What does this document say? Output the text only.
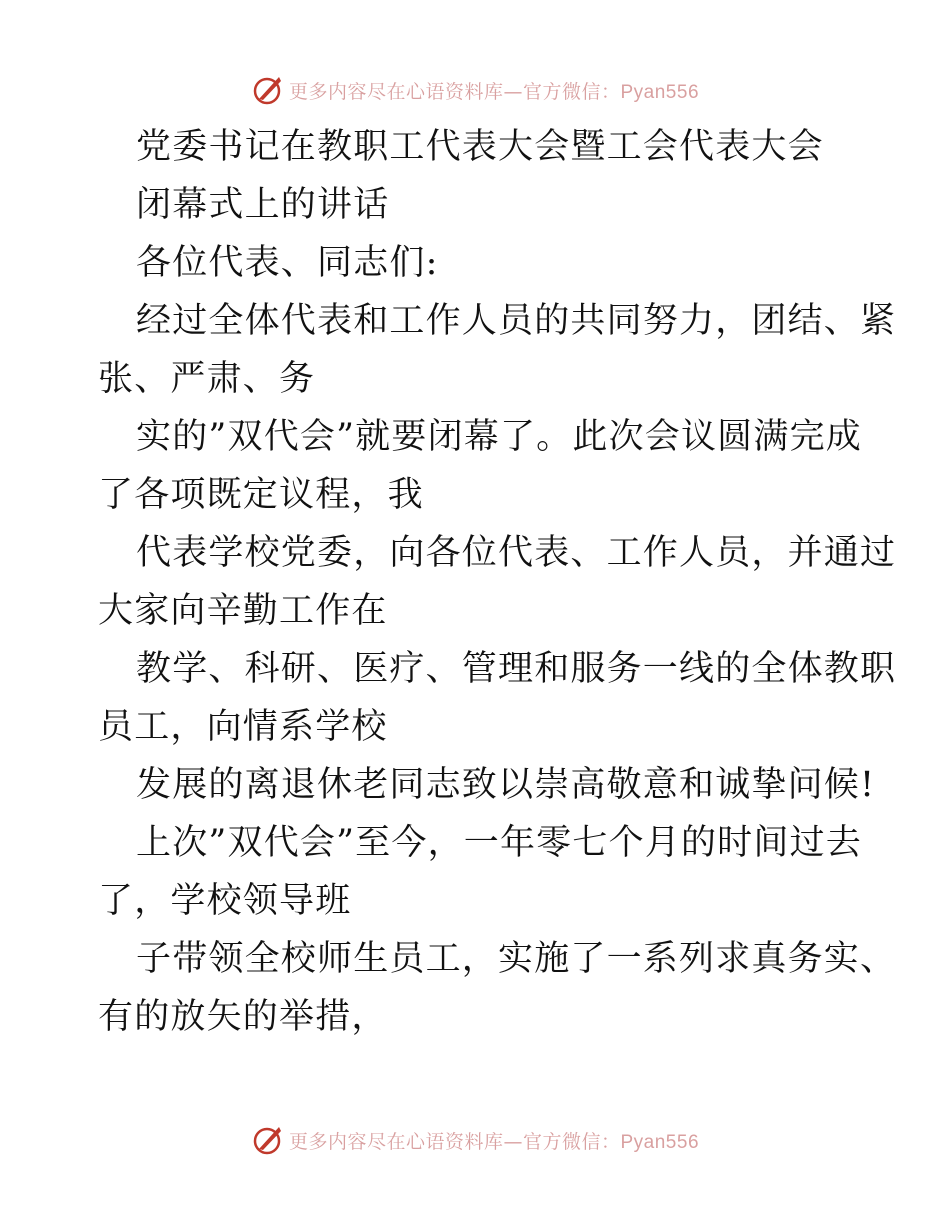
更多内容尽在心语资料库—官方微信：Pyan556
党委书记在教职工代表大会暨工会代表大会
闭幕式上的讲话
各位代表、同志们:
经过全体代表和工作人员的共同努力，团结、紧
张、严肃、务
实的”双代会”就要闭幕了。此次会议圆满完成
了各项既定议程，我
代表学校党委，向各位代表、工作人员，并通过
大家向辛勤工作在
教学、科研、医疗、管理和服务一线的全体教职
员工，向情系学校
发展的离退休老同志致以崇高敬意和诚挚问候!
上次”双代会”至今，一年零七个月的时间过去
了，学校领导班
子带领全校师生员工，实施了一系列求真务实、
有的放矢的举措，
更多内容尽在心语资料库—官方微信：Pyan556
